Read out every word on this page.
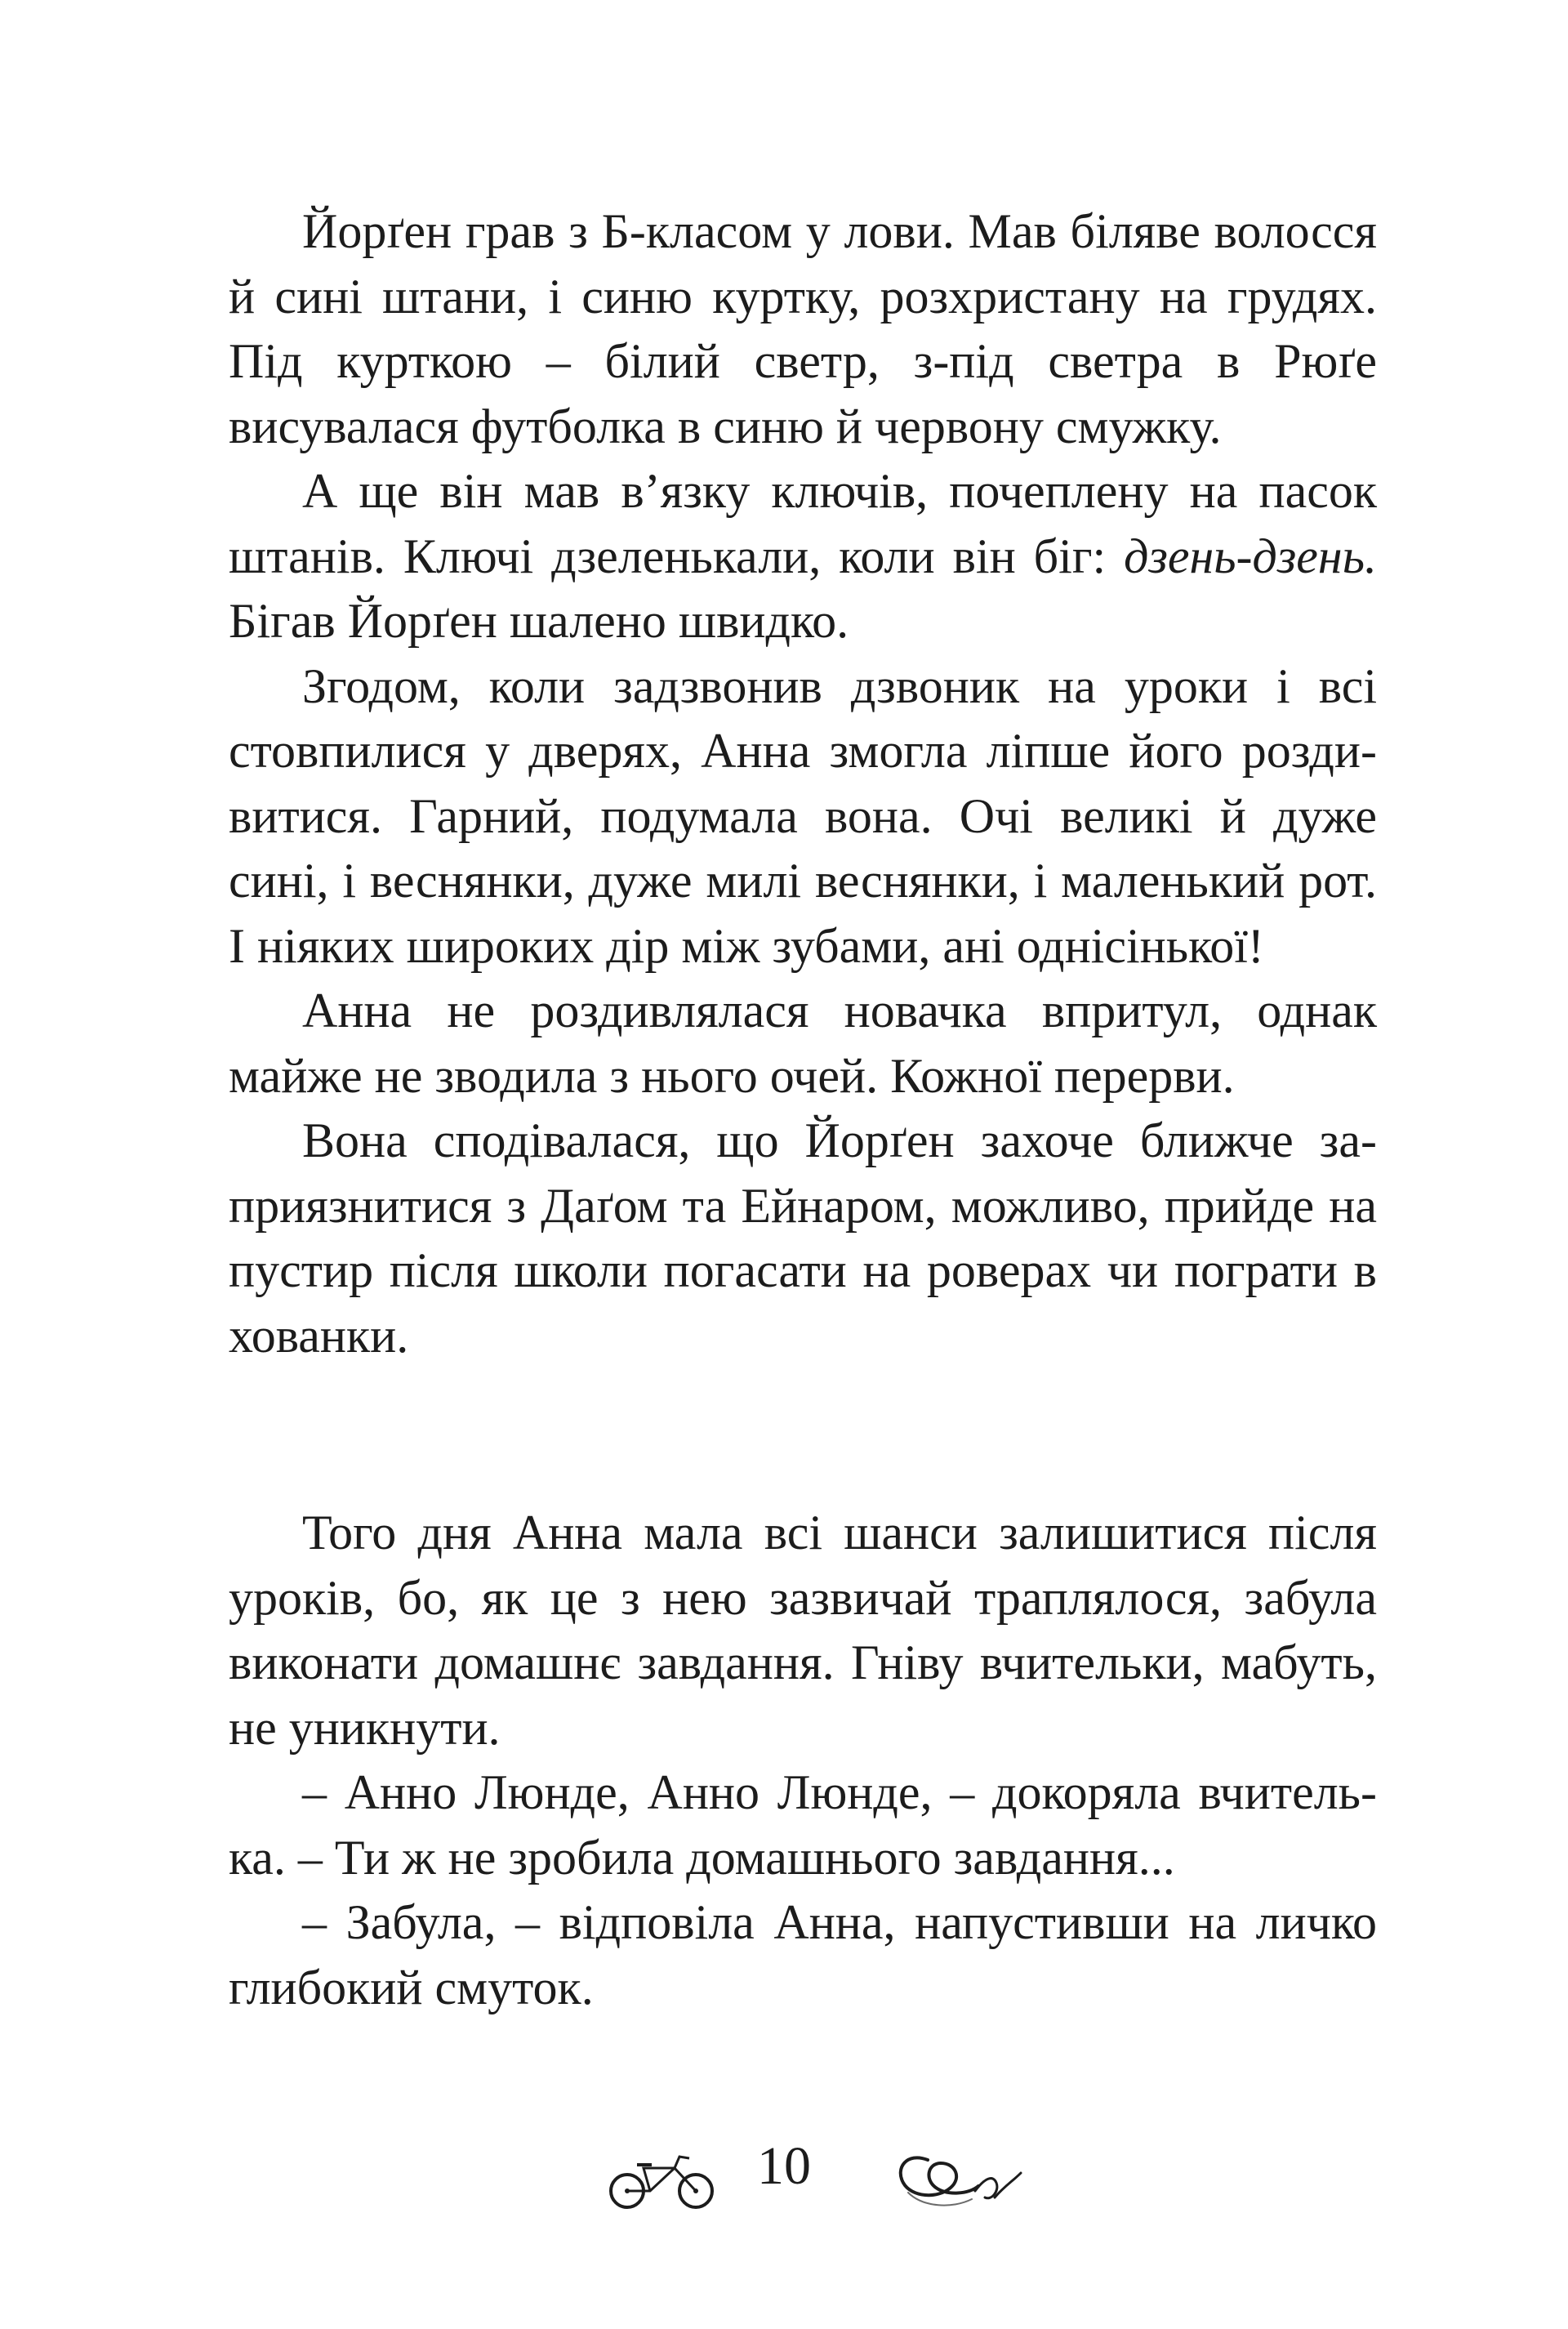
Йорґен грав з Б-класом у лови. Мав біляве волосся й сині штани, і синю куртку, розхристану на грудях. Під курткою – білий светр, з-під светра в Рюґе висувалася футболка в синю й червону смужку.

А ще він мав в’язку ключів, почеплену на пасок штанів. Ключі дзеленькали, коли він біг: дзень-дзень. Бігав Йорґен шалено швидко.

Згодом, коли задзвонив дзвоник на уроки і всі стовпилися у дверях, Анна змогла ліпше його роздивитися. Гарний, подумала вона. Очі великі й дуже сині, і веснянки, дуже милі веснянки, і маленький рот. І ніяких широких дір між зубами, ані однісінької!

Анна не роздивлялася новачка впритул, однак майже не зводила з нього очей. Кожної перерви.

Вона сподівалася, що Йорґен захоче ближче заприязнитися з Даґом та Ейнаром, можливо, прийде на пустир після школи погасати на роверах чи пограти в хованки.

Того дня Анна мала всі шанси залишитися після уроків, бо, як це з нею зазвичай траплялося, забула виконати домашнє завдання. Гніву вчительки, мабуть, не уникнути.

– Анно Люнде, Анно Люнде, – докоряла вчителька. – Ти ж не зробила домашнього завдання...

– Забула, – відповіла Анна, напустивши на личко глибокий смуток.

10
